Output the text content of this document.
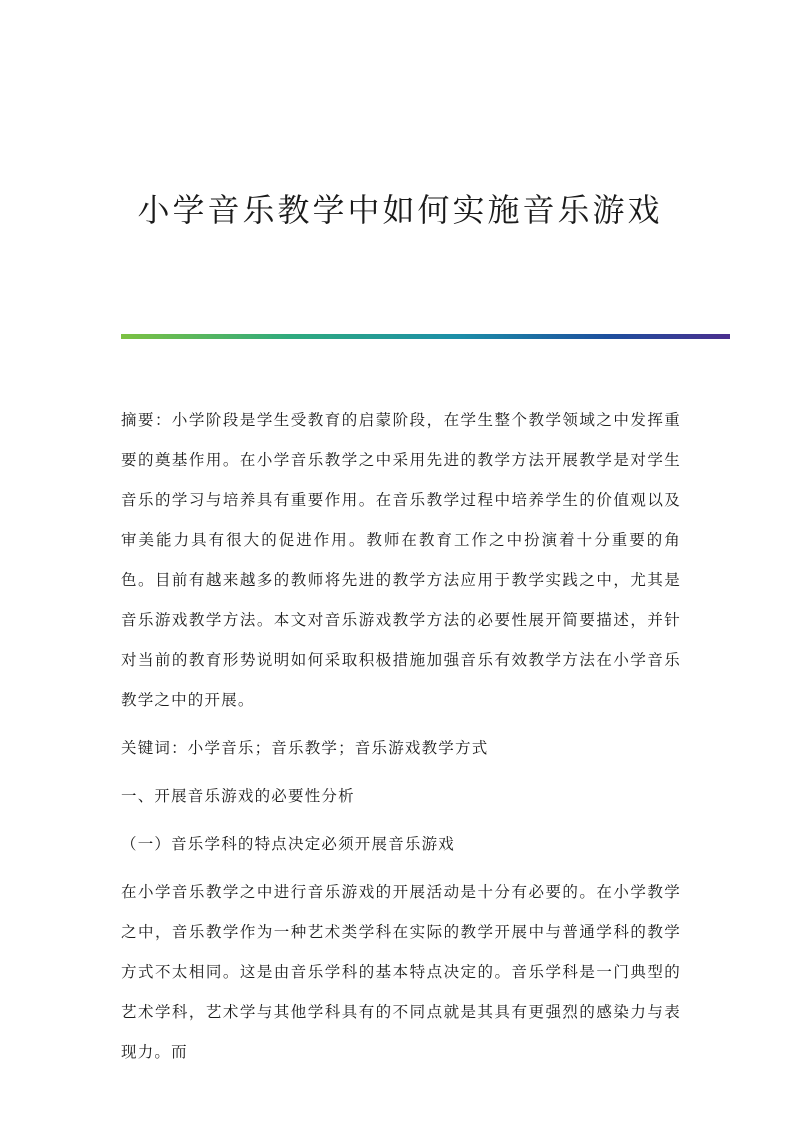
小学音乐教学中如何实施音乐游戏

摘要：小学阶段是学生受教育的启蒙阶段，在学生整个教学领域之中发挥重要的奠基作用。在小学音乐教学之中采用先进的教学方法开展教学是对学生音乐的学习与培养具有重要作用。在音乐教学过程中培养学生的价值观以及审美能力具有很大的促进作用。教师在教育工作之中扮演着十分重要的角色。目前有越来越多的教师将先进的教学方法应用于教学实践之中，尤其是音乐游戏教学方法。本文对音乐游戏教学方法的必要性展开简要描述，并针对当前的教育形势说明如何采取积极措施加强音乐有效教学方法在小学音乐教学之中的开展。

关键词：小学音乐；音乐教学；音乐游戏教学方式

一、开展音乐游戏的必要性分析

（一）音乐学科的特点决定必须开展音乐游戏

在小学音乐教学之中进行音乐游戏的开展活动是十分有必要的。在小学教学之中，音乐教学作为一种艺术类学科在实际的教学开展中与普通学科的教学方式不太相同。这是由音乐学科的基本特点决定的。音乐学科是一门典型的艺术学科，艺术学与其他学科具有的不同点就是其具有更强烈的感染力与表现力。而
